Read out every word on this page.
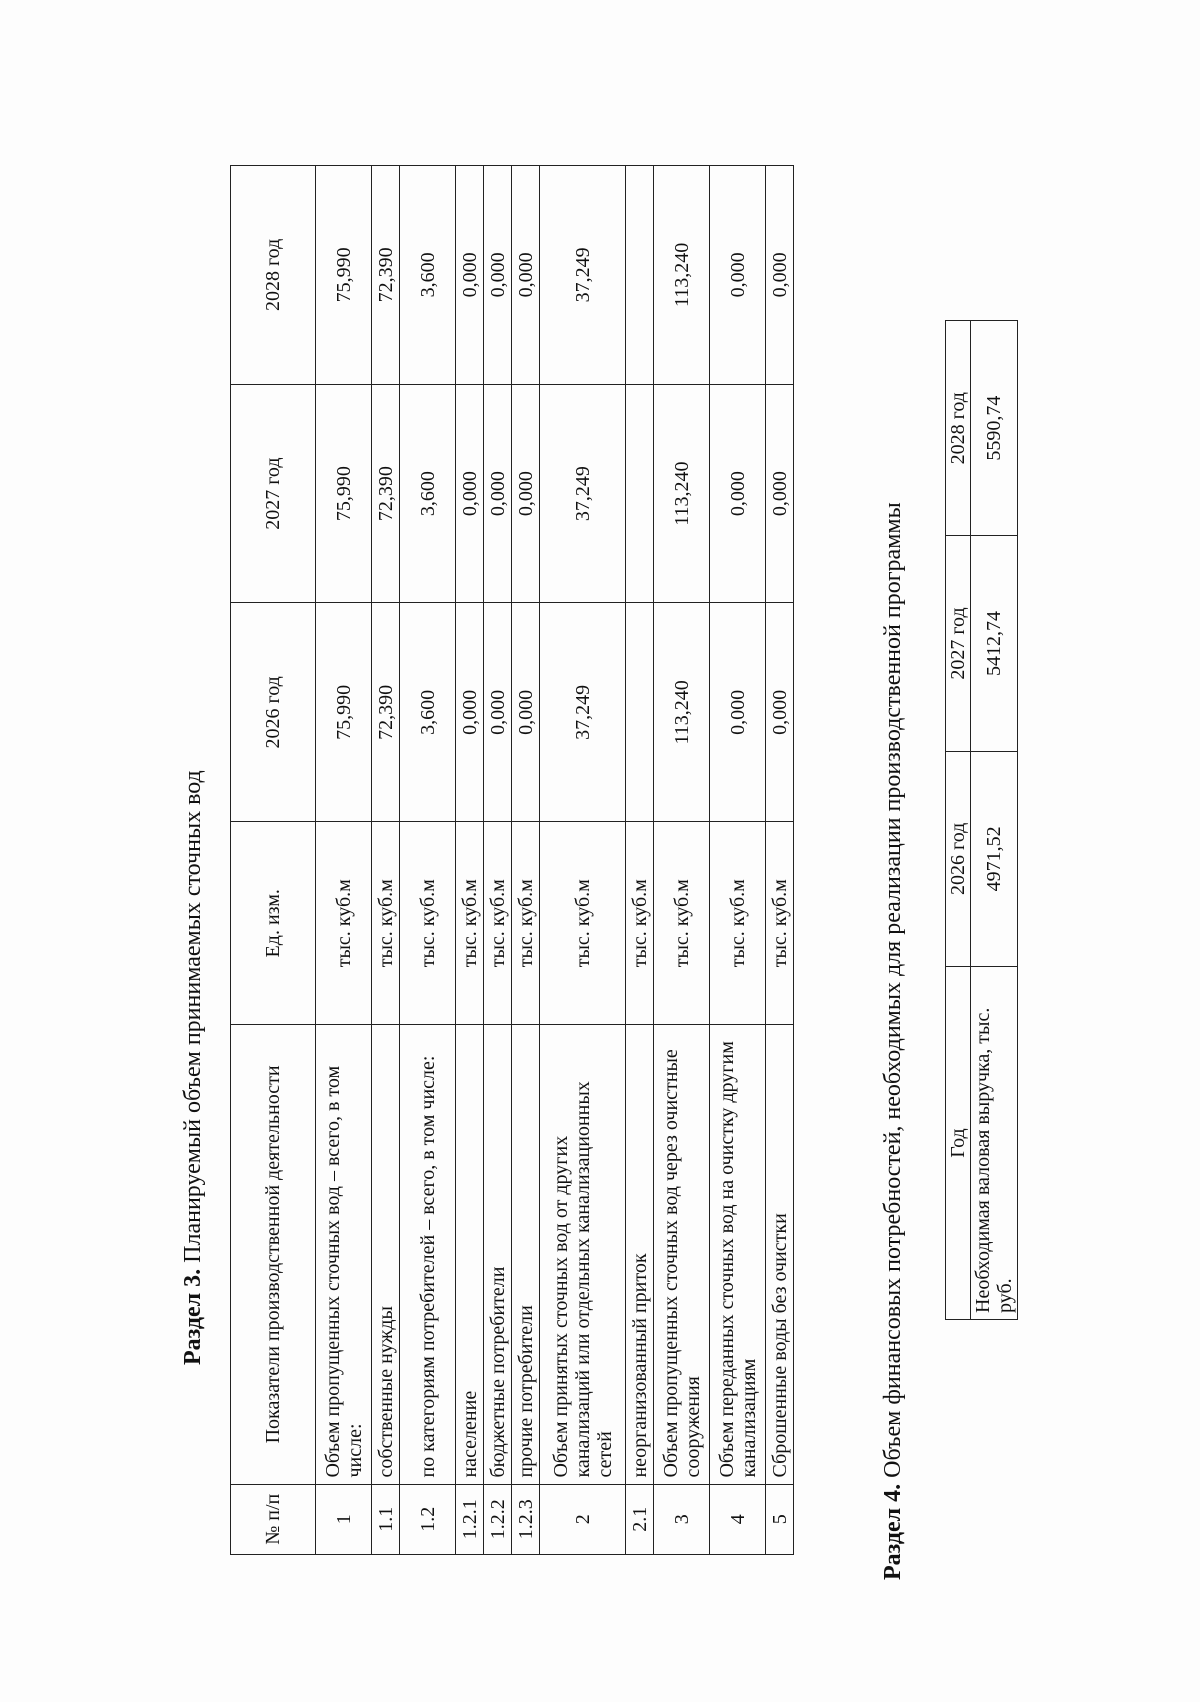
Раздел 3. Планируемый объем принимаемых сточных вод
№ п/п	Показатели производственной деятельности	Ед. изм.	2026 год	2027 год	2028 год
1	Объем пропущенных сточных вод – всего, в том числе:	тыс. куб.м	75,990	75,990	75,990
1.1	собственные нужды	тыс. куб.м	72,390	72,390	72,390
1.2	по категориям потребителей – всего, в том числе:	тыс. куб.м	3,600	3,600	3,600
1.2.1	население	тыс. куб.м	0,000	0,000	0,000
1.2.2	бюджетные потребители	тыс. куб.м	0,000	0,000	0,000
1.2.3	прочие потребители	тыс. куб.м	0,000	0,000	0,000
2	Объем принятых сточных вод от других канализаций или отдельных канализационных сетей	тыс. куб.м	37,249	37,249	37,249
2.1	неорганизованный приток	тыс. куб.м			
3	Объем пропущенных сточных вод через очистные сооружения	тыс. куб.м	113,240	113,240	113,240
4	Объем переданных сточных вод на очистку другим канализациям	тыс. куб.м	0,000	0,000	0,000
5	Сброшенные воды без очистки	тыс. куб.м	0,000	0,000	0,000
Раздел 4. Объем финансовых потребностей, необходимых для реализации производственной программы Год	2026 год	2027 год	2028 год
Необходимая валовая выручка, тыс. руб.	4971,52	5412,74	5590,74
